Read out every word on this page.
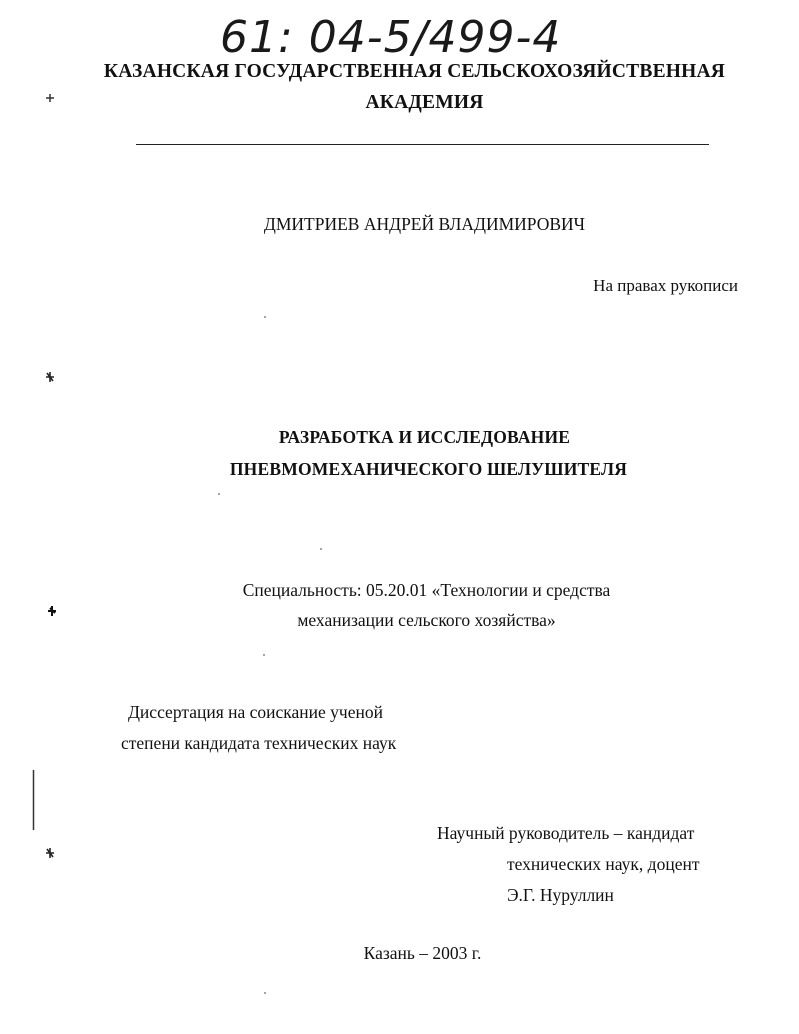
61: 04-5/499-4
КАЗАНСКАЯ ГОСУДАРСТВЕННАЯ СЕЛЬСКОХОЗЯЙСТВЕННАЯ
АКАДЕМИЯ
ДМИТРИЕВ АНДРЕЙ ВЛАДИМИРОВИЧ
На правах рукописи
РАЗРАБОТКА И ИССЛЕДОВАНИЕ
ПНЕВМОМЕХАНИЧЕСКОГО ШЕЛУШИТЕЛЯ
Специальность: 05.20.01 «Технологии и средства
механизации сельского хозяйства»
Диссертация на соискание ученой
степени кандидата технических наук
Научный руководитель – кандидат
технических наук, доцент
Э.Г. Нуруллин
Казань – 2003 г.
